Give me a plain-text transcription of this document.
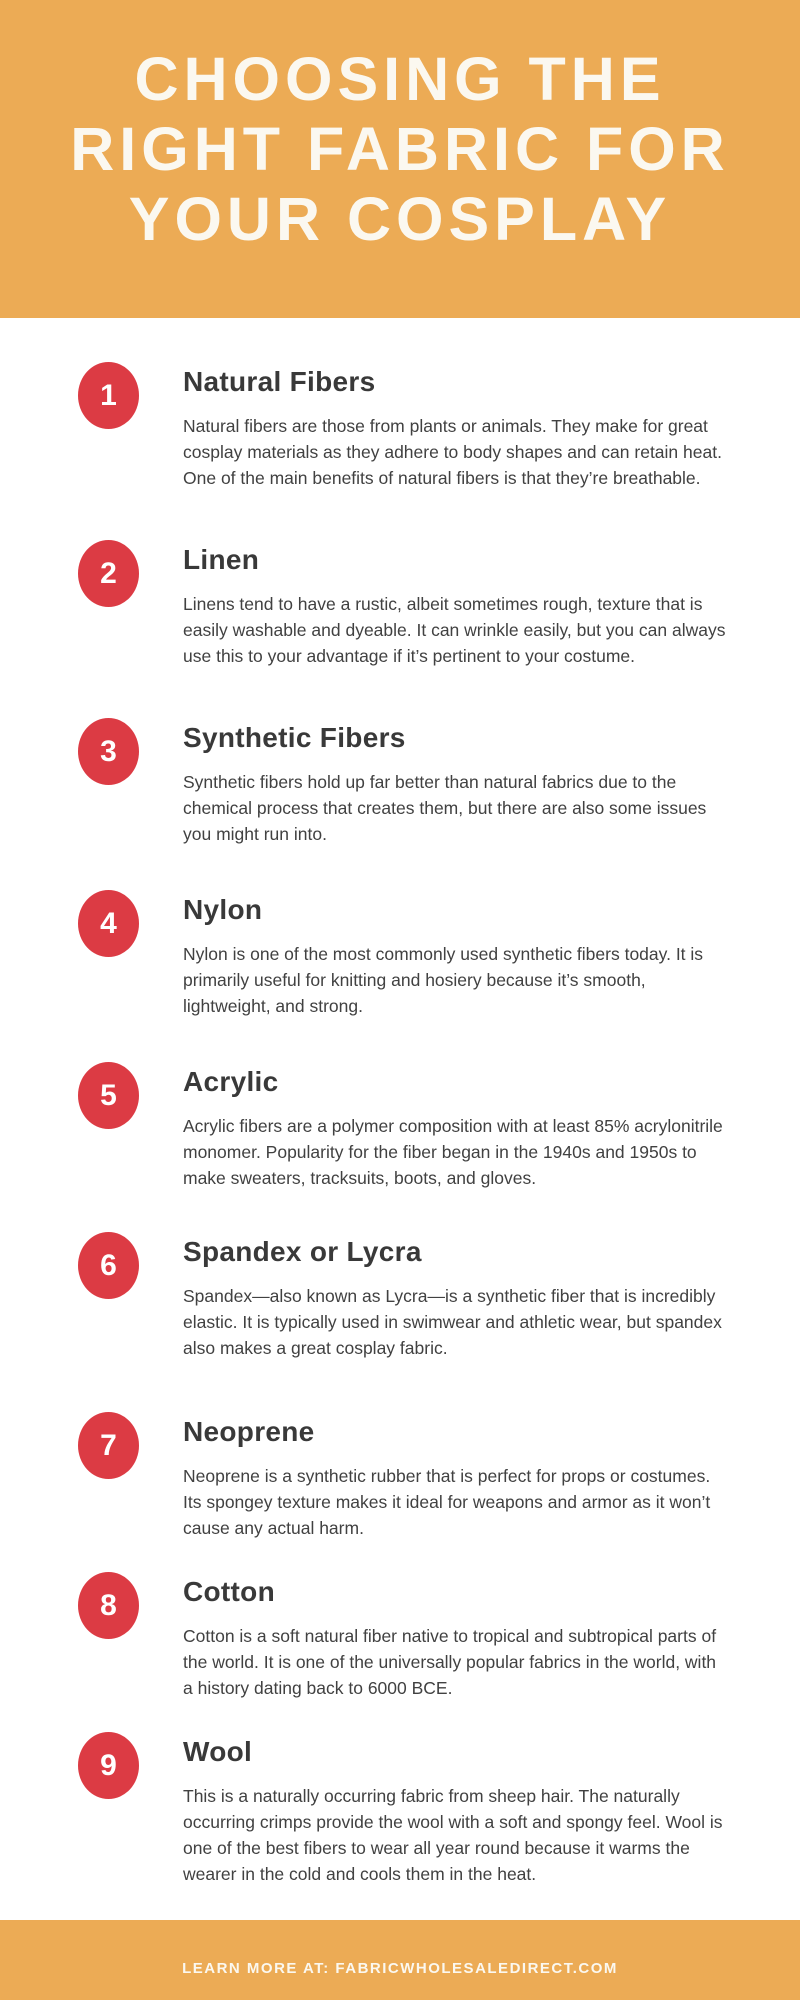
CHOOSING THE
RIGHT FABRIC FOR
YOUR COSPLAY
1 Natural Fibers

Natural fibers are those from plants or animals. They make for great cosplay materials as they adhere to body shapes and can retain heat. One of the main benefits of natural fibers is that they’re breathable.

2 Linen

Linens tend to have a rustic, albeit sometimes rough, texture that is easily washable and dyeable. It can wrinkle easily, but you can always use this to your advantage if it’s pertinent to your costume.

3 Synthetic Fibers

Synthetic fibers hold up far better than natural fabrics due to the chemical process that creates them, but there are also some issues you might run into.

4 Nylon

Nylon is one of the most commonly used synthetic fibers today. It is primarily useful for knitting and hosiery because it’s smooth, lightweight, and strong.

5 Acrylic

Acrylic fibers are a polymer composition with at least 85% acrylonitrile monomer. Popularity for the fiber began in the 1940s and 1950s to make sweaters, tracksuits, boots, and gloves.

6 Spandex or Lycra

Spandex—also known as Lycra—is a synthetic fiber that is incredibly elastic. It is typically used in swimwear and athletic wear, but spandex also makes a great cosplay fabric.

7 Neoprene

Neoprene is a synthetic rubber that is perfect for props or costumes. Its spongey texture makes it ideal for weapons and armor as it won’t cause any actual harm.

8 Cotton

Cotton is a soft natural fiber native to tropical and subtropical parts of the world. It is one of the universally popular fabrics in the world, with a history dating back to 6000 BCE.

9 Wool

This is a naturally occurring fabric from sheep hair. The naturally occurring crimps provide the wool with a soft and spongy feel. Wool is one of the best fibers to wear all year round because it warms the wearer in the cold and cools them in the heat.

LEARN MORE AT: FABRICWHOLESALEDIRECT.COM
